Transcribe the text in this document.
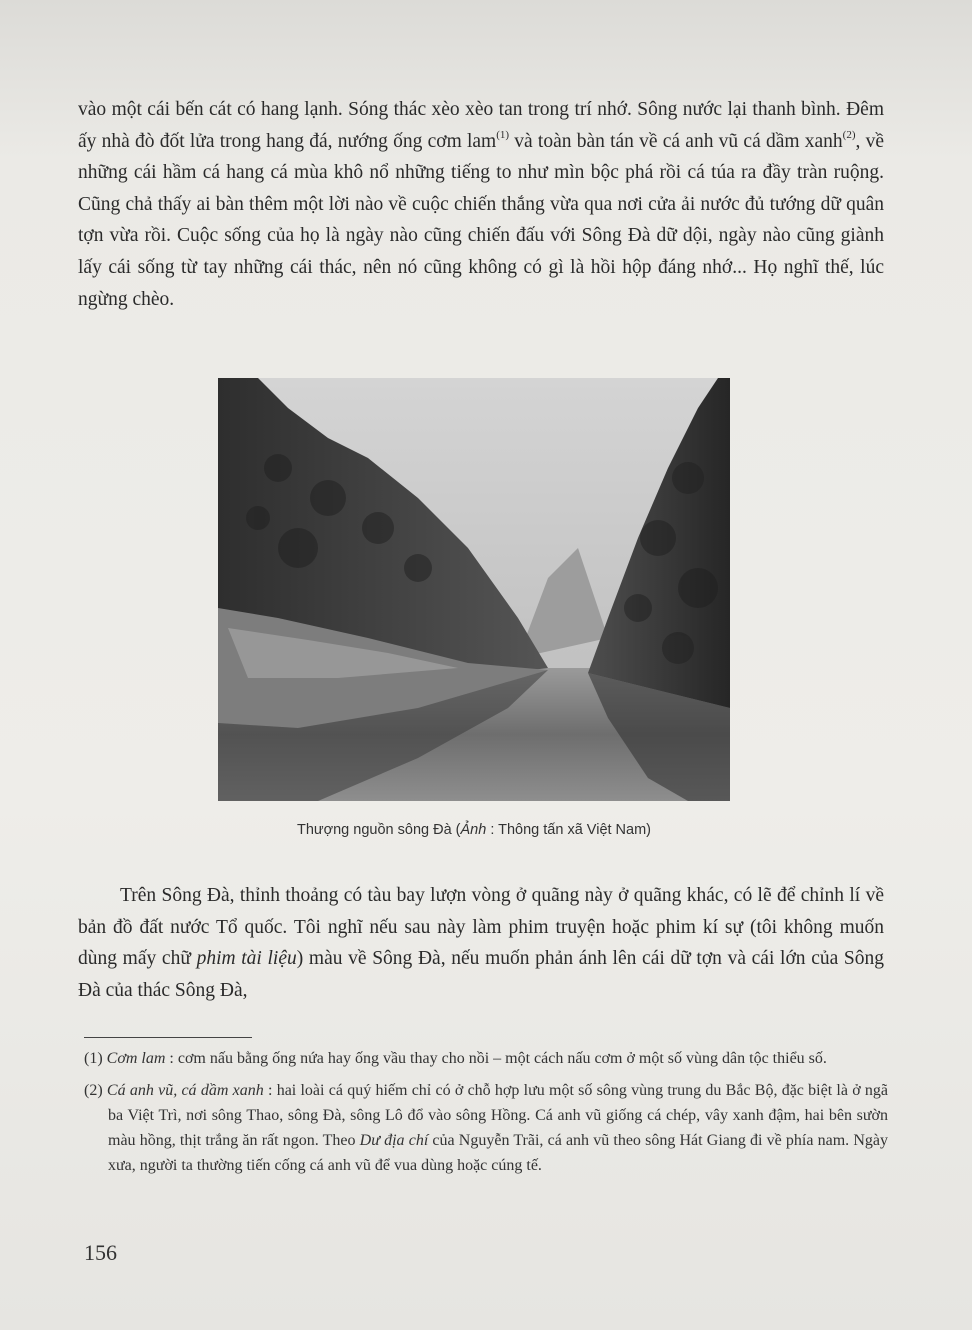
vào một cái bến cát có hang lạnh. Sóng thác xèo xèo tan trong trí nhớ. Sông nước lại thanh bình. Đêm ấy nhà đò đốt lửa trong hang đá, nướng ống cơm lam$^{(1)}$ và toàn bàn tán về cá anh vũ cá dầm xanh$^{(2)}$, về những cái hầm cá hang cá mùa khô nổ những tiếng to như mìn bộc phá rồi cá túa ra đầy tràn ruộng. Cũng chả thấy ai bàn thêm một lời nào về cuộc chiến thắng vừa qua nơi cửa ải nước đủ tướng dữ quân tợn vừa rồi. Cuộc sống của họ là ngày nào cũng chiến đấu với Sông Đà dữ dội, ngày nào cũng giành lấy cái sống từ tay những cái thác, nên nó cũng không có gì là hồi hộp đáng nhớ... Họ nghĩ thế, lúc ngừng chèo.

Thượng nguồn sông Đà (Ảnh : Thông tấn xã Việt Nam)

Trên Sông Đà, thỉnh thoảng có tàu bay lượn vòng ở quãng này ở quãng khác, có lẽ để chỉnh lí về bản đồ đất nước Tổ quốc. Tôi nghĩ nếu sau này làm phim truyện hoặc phim kí sự (tôi không muốn dùng mấy chữ phim tài liệu) màu về Sông Đà, nếu muốn phản ánh lên cái dữ tợn và cái lớn của Sông Đà của thác Sông Đà,

(1) Cơm lam : cơm nấu bằng ống nứa hay ống vầu thay cho nồi – một cách nấu cơm ở một số vùng dân tộc thiểu số.

(2) Cá anh vũ, cá dầm xanh : hai loài cá quý hiếm chỉ có ở chỗ hợp lưu một số sông vùng trung du Bắc Bộ, đặc biệt là ở ngã ba Việt Trì, nơi sông Thao, sông Đà, sông Lô đổ vào sông Hồng. Cá anh vũ giống cá chép, vây xanh đậm, hai bên sườn màu hồng, thịt trắng ăn rất ngon. Theo Dư địa chí của Nguyễn Trãi, cá anh vũ theo sông Hát Giang đi về phía nam. Ngày xưa, người ta thường tiến cống cá anh vũ để vua dùng hoặc cúng tế.

156
